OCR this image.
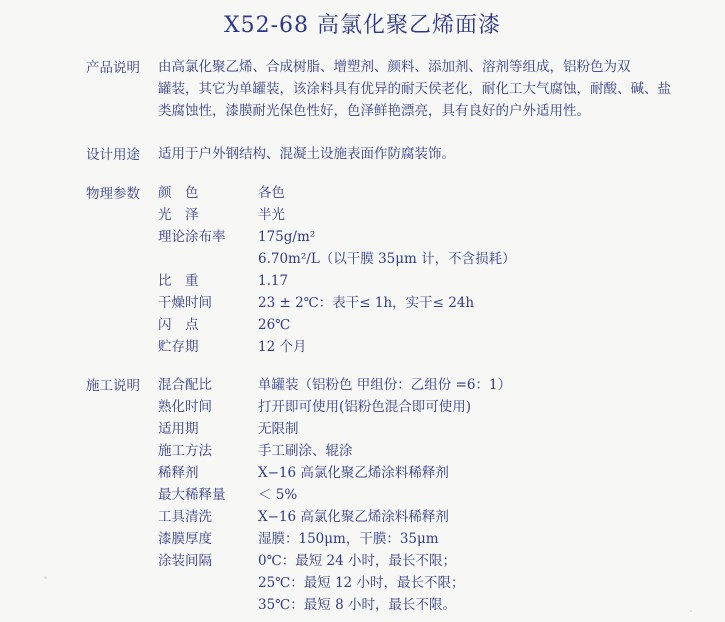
X52-68 高氯化聚乙烯面漆
产品说明 由高氯化聚乙烯、合成树脂、增塑剂、颜料、添加剂、溶剂等组成，铝粉色为双
罐装，其它为单罐装，该涂料具有优异的耐天侯老化，耐化工大气腐蚀，耐酸、碱、盐
类腐蚀性，漆膜耐光保色性好，色泽鲜艳漂亮，具有良好的户外适用性。
设计用途 适用于户外钢结构、混凝土设施表面作防腐装饰。
物理参数 颜　色	各色
光　泽	半光
理论涂布率	175g/m²
6.70m²/L（以干膜 35μm 计，不含损耗）
比　重	1.17
干燥时间	23 ± 2℃：表干≤ 1h，实干≤ 24h
闪　点	26℃
贮存期	12 个月
施工说明 混合配比	单罐装（铝粉色 甲组份：乙组份 =6：1）
熟化时间	打开即可使用(铝粉色混合即可使用)
适用期	无限制
施工方法	手工刷涂、辊涂
稀释剂	X−16 高氯化聚乙烯涂料稀释剂
最大稀释量	＜ 5%
工具清洗	X−16 高氯化聚乙烯涂料稀释剂
漆膜厚度	湿膜：150μm，干膜：35μm
涂装间隔	0℃：最短 24 小时，最长不限；
25℃：最短 12 小时，最长不限；
35℃：最短 8 小时，最长不限。
